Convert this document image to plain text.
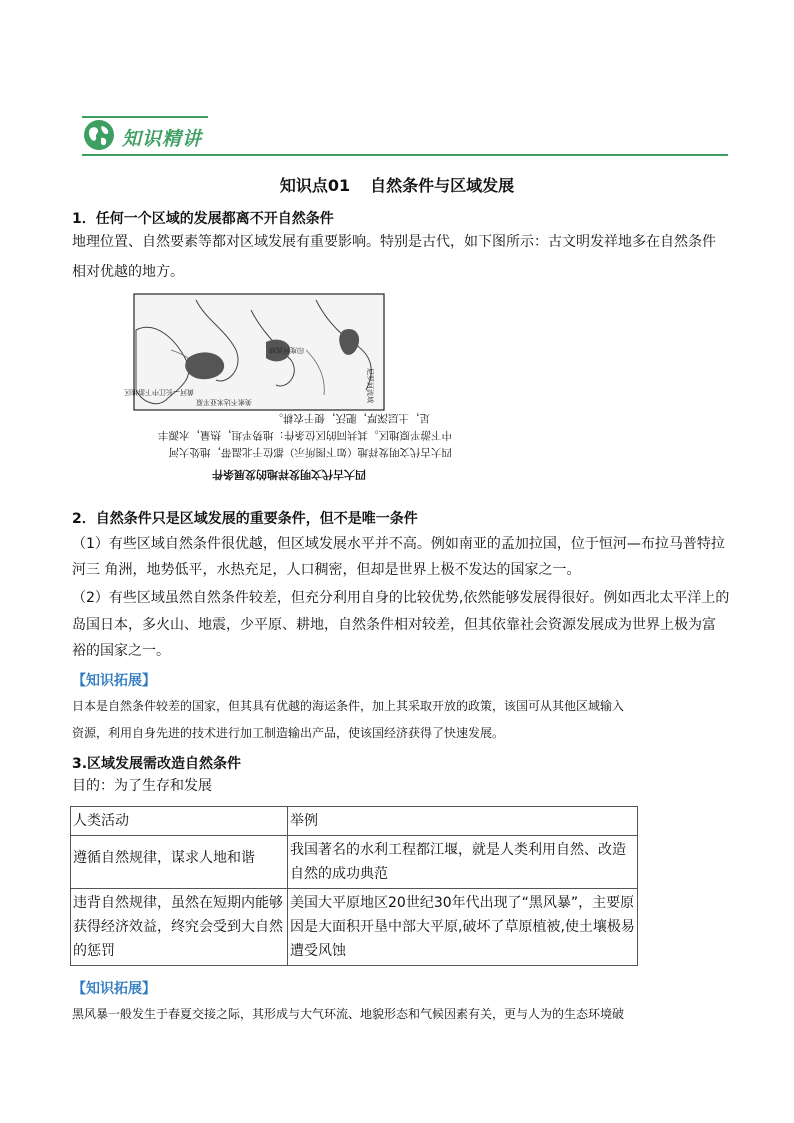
知识精讲
知识点01 自然条件与区域发展
1．任何一个区域的发展都离不开自然条件
地理位置、自然要素等都对区域发展有重要影响。特别是古代，如下图所示：古文明发祥地多在自然条件
相对优越的地方。
黄河—长江中下游地区
美索不达米亚平原
印度河流域
尼罗河流域
足，土层深厚，肥沃，便于农耕。
中下游平原地区。其共同的区位条件：地势平坦，热量，水源丰
四大古代文明发祥地（如下图所示）都位于北温带，地处大河
四大古代文明发祥地的发展条件
2．自然条件只是区域发展的重要条件，但不是唯一条件
（1）有些区域自然条件很优越，但区域发展水平并不高。例如南亚的孟加拉国，位于恒河—布拉马普特拉
河三 角洲，地势低平，水热充足，人口稠密，但却是世界上极不发达的国家之一。
（2）有些区域虽然自然条件较差，但充分利用自身的比较优势,依然能够发展得很好。例如西北太平洋上的
岛国日本，多火山、地震，少平原、耕地，自然条件相对较差，但其依靠社会资源发展成为世界上极为富
裕的国家之一。
【知识拓展】
日本是自然条件较差的国家，但其具有优越的海运条件，加上其采取开放的政策，该国可从其他区域输入
资源，利用自身先进的技术进行加工制造输出产品，使该国经济获得了快速发展。
3.区域发展需改造自然条件
目的：为了生存和发展
人类活动	举例
遵循自然规律，谋求人地和谐	我国著名的水利工程都江堰，就是人类利用自然、改造自然的成功典范
违背自然规律，虽然在短期内能够获得经济效益，终究会受到大自然的惩罚	美国大平原地区20世纪30年代出现了“黑风暴”，主要原因是大面积开垦中部大平原,破坏了草原植被,使土壤极易遭受风蚀
【知识拓展】
黑风暴一般发生于春夏交接之际，其形成与大气环流、地貌形态和气候因素有关，更与人为的生态环境破
